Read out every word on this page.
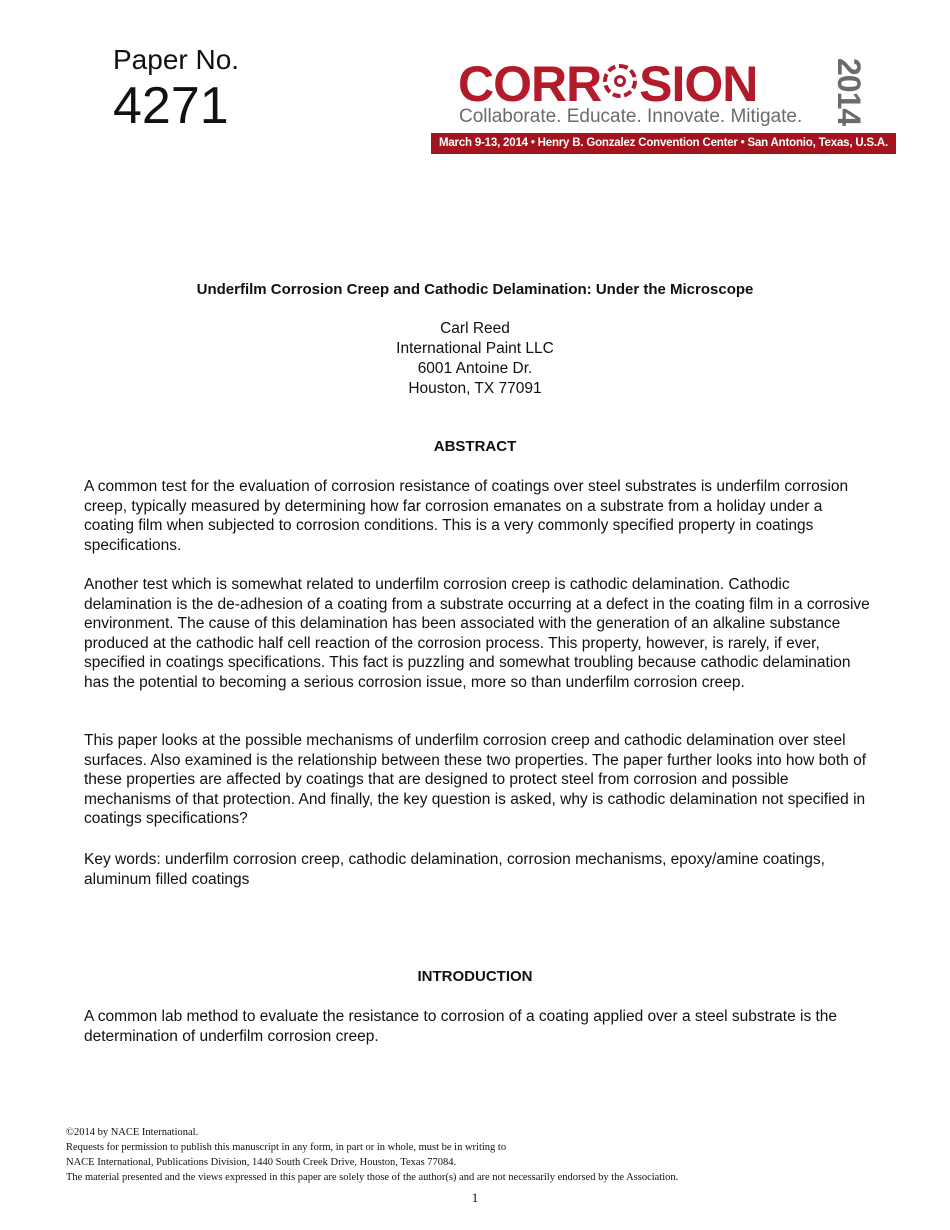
Paper No.
4271	CORR SION 2014
Collaborate. Educate. Innovate. Mitigate.
March 9-13, 2014 • Henry B. Gonzalez Convention Center • San Antonio, Texas, U.S.A.
Underfilm Corrosion Creep and Cathodic Delamination: Under the Microscope
Carl Reed
International Paint LLC
6001 Antoine Dr.
Houston, TX 77091
ABSTRACT

A common test for the evaluation of corrosion resistance of coatings over steel substrates is underfilm corrosion creep, typically measured by determining how far corrosion emanates on a substrate from a holiday under a coating film when subjected to corrosion conditions. This is a very commonly specified property in coatings specifications.

Another test which is somewhat related to underfilm corrosion creep is cathodic delamination. Cathodic delamination is the de-adhesion of a coating from a substrate occurring at a defect in the coating film in a corrosive environment. The cause of this delamination has been associated with the generation of an alkaline substance produced at the cathodic half cell reaction of the corrosion process. This property, however, is rarely, if ever, specified in coatings specifications. This fact is puzzling and somewhat troubling because cathodic delamination has the potential to becoming a serious corrosion issue, more so than underfilm corrosion creep.

This paper looks at the possible mechanisms of underfilm corrosion creep and cathodic delamination over steel surfaces. Also examined is the relationship between these two properties. The paper further looks into how both of these properties are affected by coatings that are designed to protect steel from corrosion and possible mechanisms of that protection. And finally, the key question is asked, why is cathodic delamination not specified in coatings specifications?

Key words: underfilm corrosion creep, cathodic delamination, corrosion mechanisms, epoxy/amine coatings, aluminum filled coatings

INTRODUCTION

A common lab method to evaluate the resistance to corrosion of a coating applied over a steel substrate is the determination of underfilm corrosion creep.

©2014 by NACE International.
Requests for permission to publish this manuscript in any form, in part or in whole, must be in writing to
NACE International, Publications Division, 1440 South Creek Drive, Houston, Texas 77084.
The material presented and the views expressed in this paper are solely those of the author(s) and are not necessarily endorsed by the Association.
1
